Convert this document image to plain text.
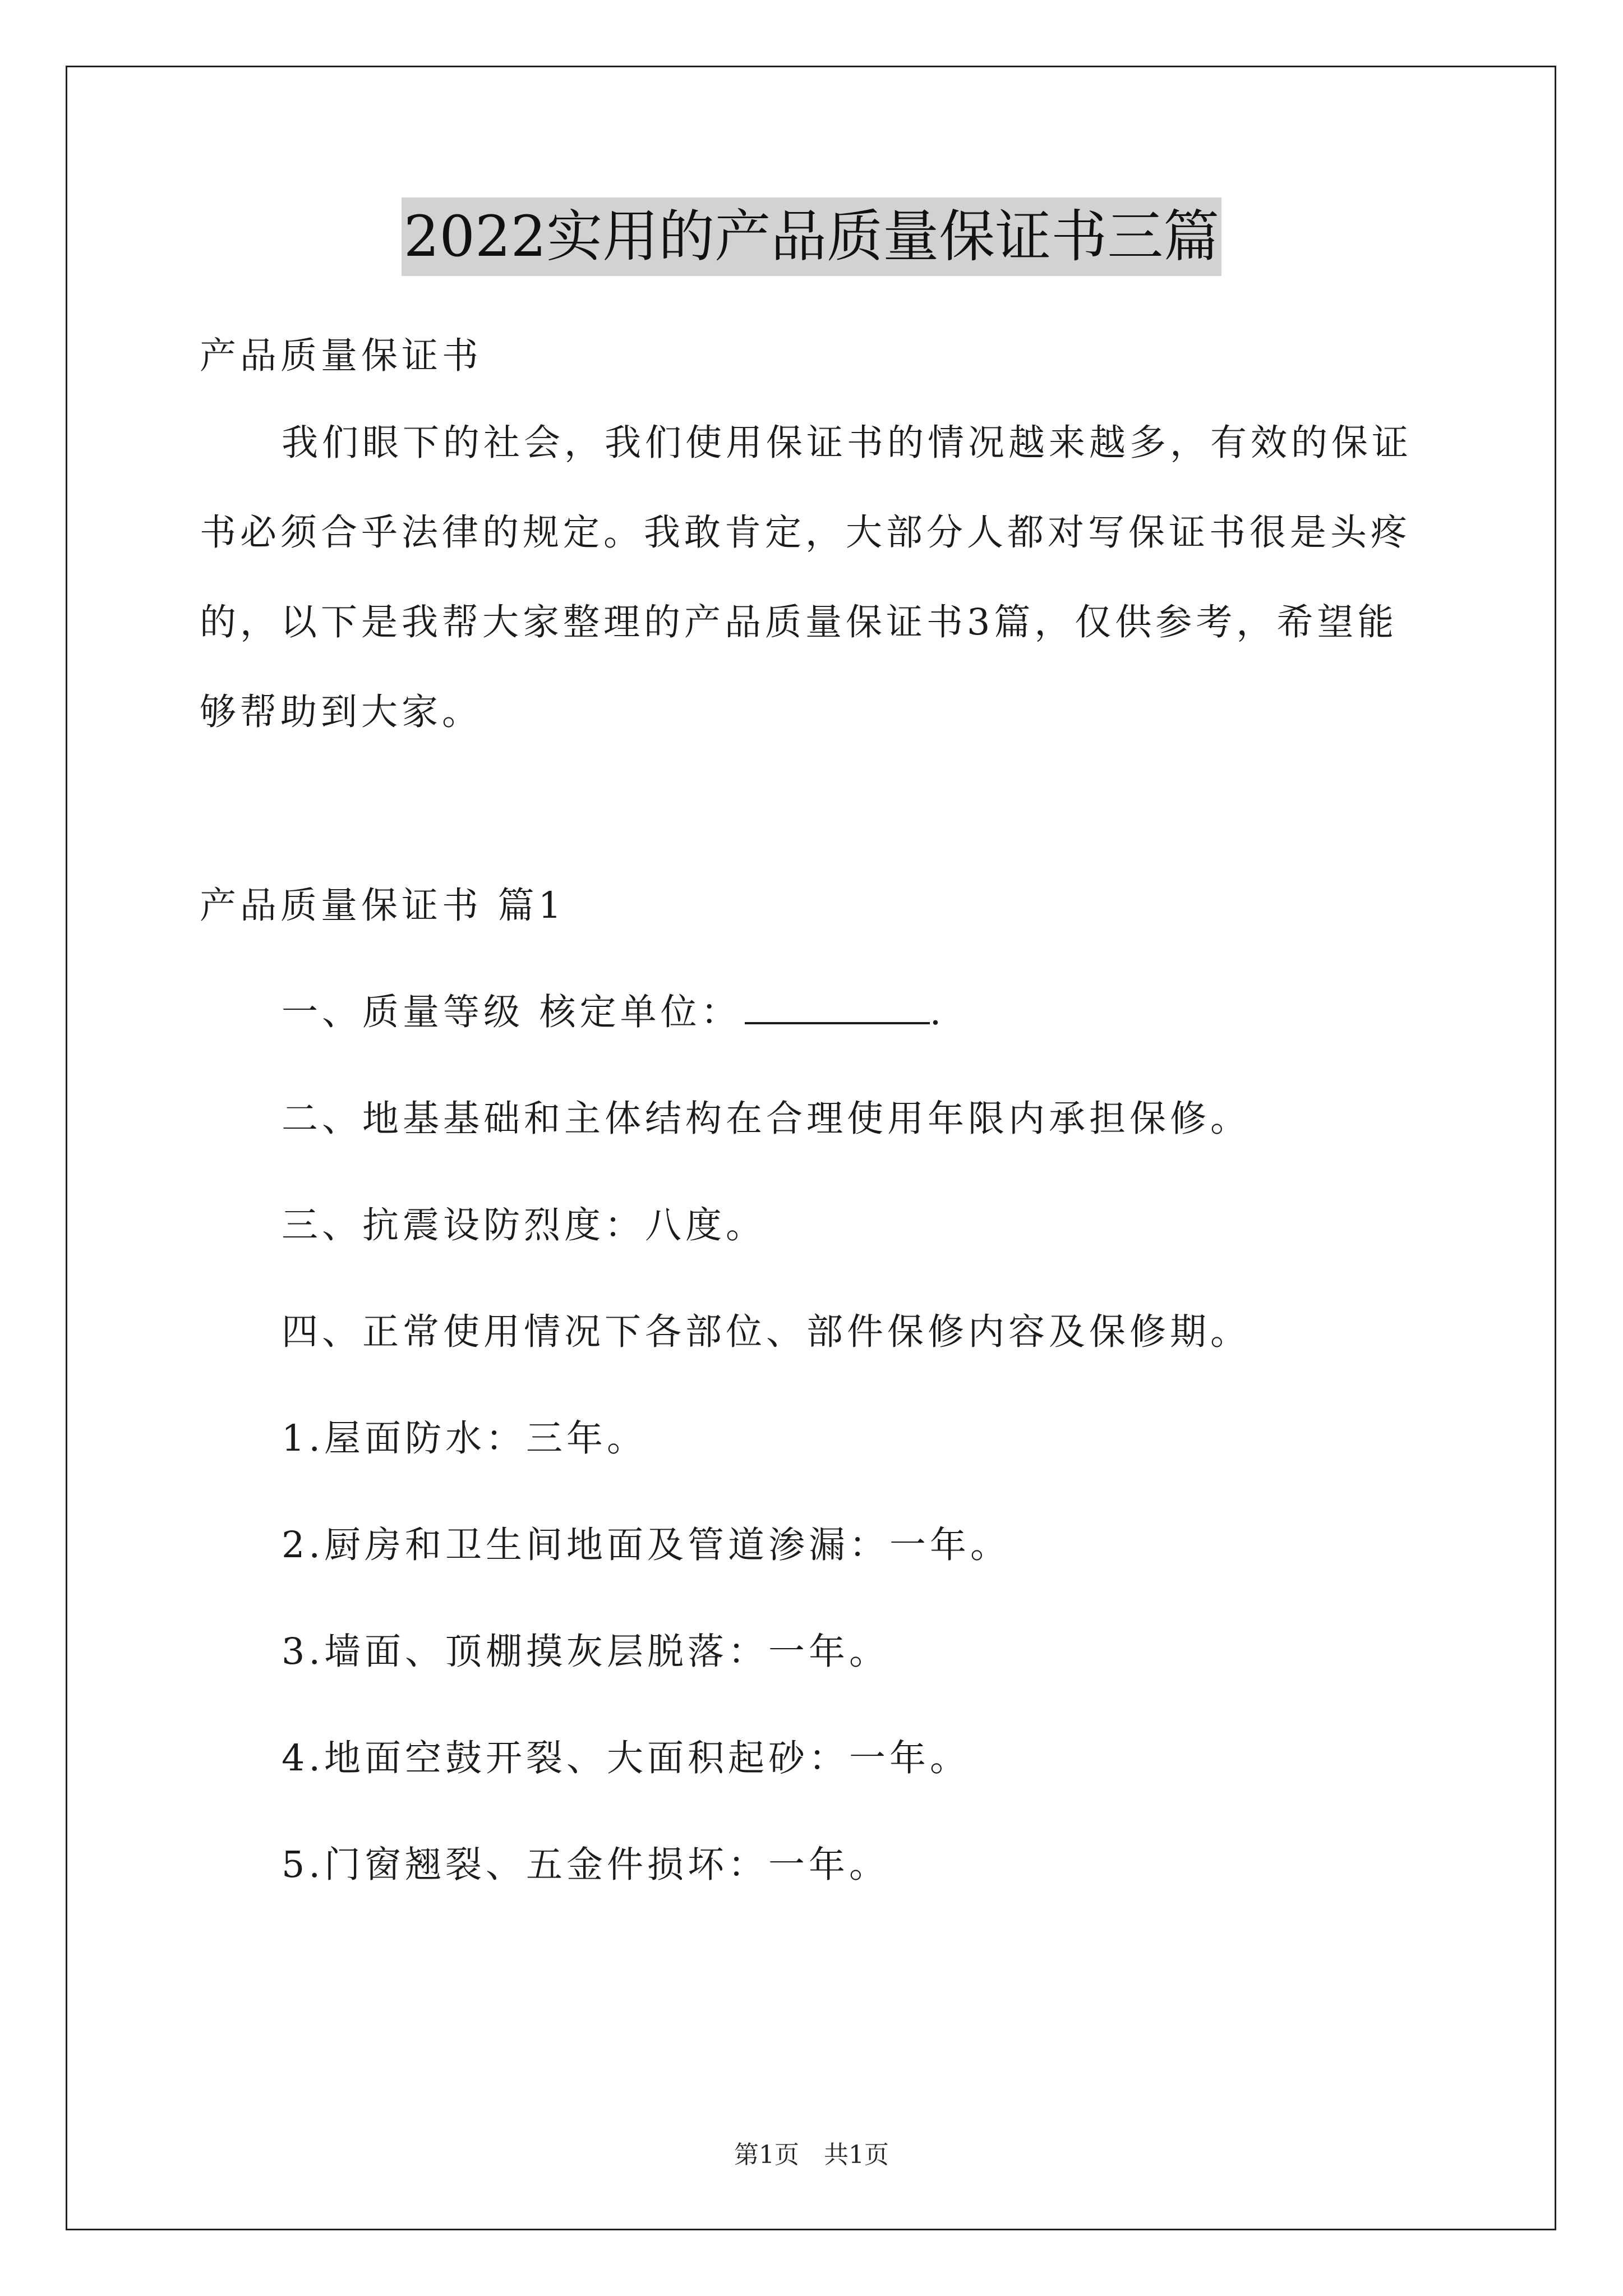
2022实用的产品质量保证书三篇

产品质量保证书

我们眼下的社会，我们使用保证书的情况越来越多，有效的保证

书必须合乎法律的规定。我敢肯定，大部分人都对写保证书很是头疼

的，以下是我帮大家整理的产品质量保证书3篇，仅供参考，希望能

够帮助到大家。

产品质量保证书 篇1

一、质量等级 核定单位：	.

二、地基基础和主体结构在合理使用年限内承担保修。

三、抗震设防烈度：八度。

四、正常使用情况下各部位、部件保修内容及保修期。

1.屋面防水：三年。

2.厨房和卫生间地面及管道渗漏：一年。

3.墙面、顶棚摸灰层脱落：一年。

4.地面空鼓开裂、大面积起砂：一年。

5.门窗翘裂、五金件损坏：一年。

第1页　共1页
